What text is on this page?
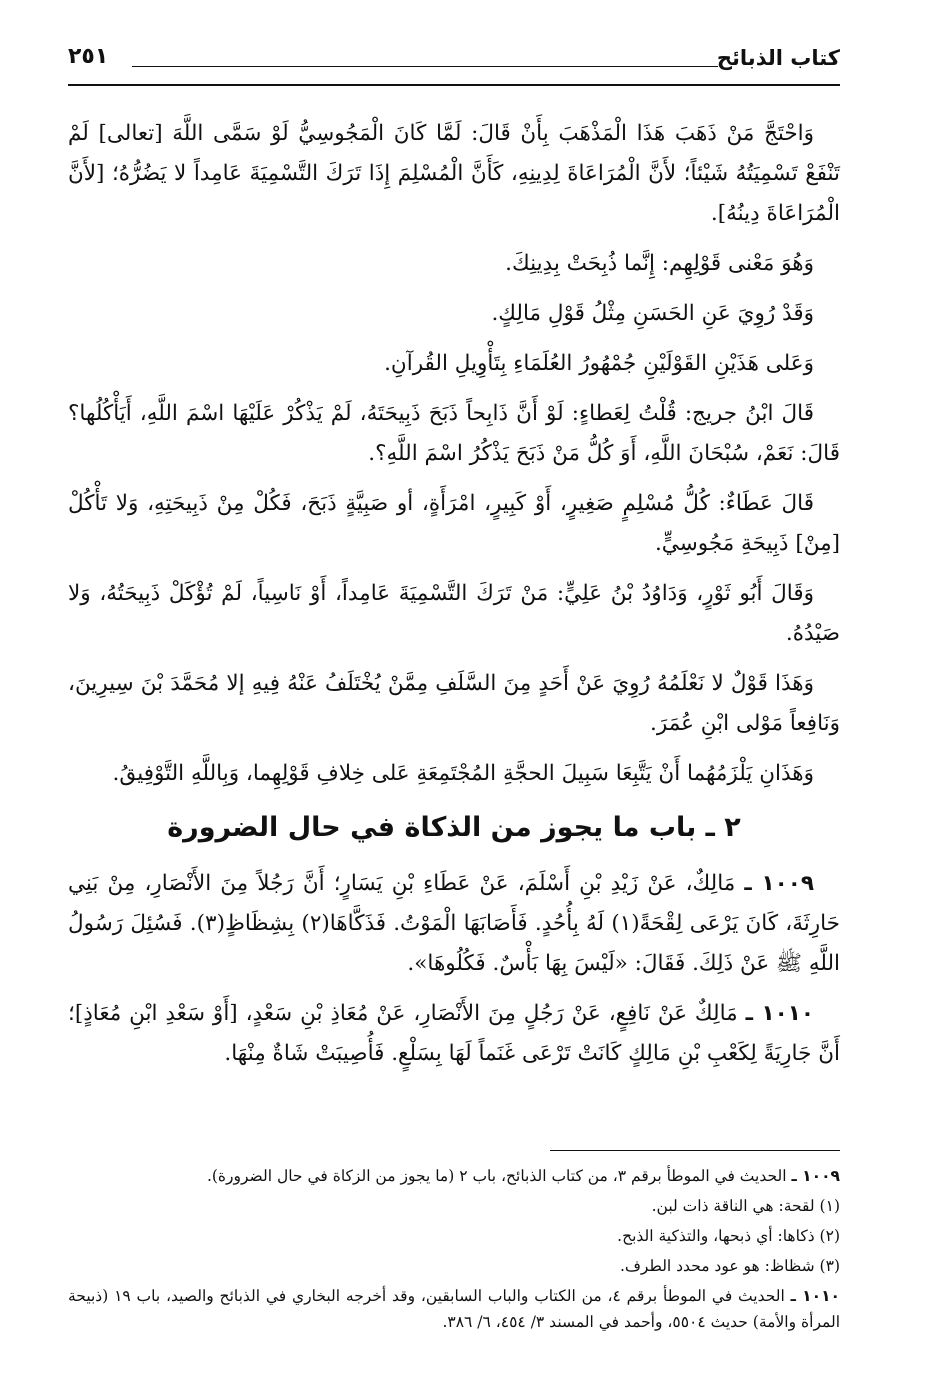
كتاب الذبائح
٢٥١

وَاحْتَجَّ مَنْ ذَهَبَ هَذَا الْمَذْهَبَ بِأَنْ قَالَ: لَمَّا كَانَ الْمَجُوسِيُّ لَوْ سَمَّى اللَّهَ [تعالى] لَمْ تَنْفَعْ تَسْمِيَتُهُ شَيْئاً؛ لأَنَّ الْمُرَاعَاةَ لِدِينِهِ، كَأَنَّ الْمُسْلِمَ إِذَا تَرَكَ التَّسْمِيَةَ عَامِداً لا يَضُرُّهُ؛ [لأَنَّ الْمُرَاعَاةَ دِينُهُ].

وَهُوَ مَعْنى قَوْلِهِم: إِنَّما ذُبِحَتْ بِدِينِكَ.

وَقَدْ رُوِيَ عَنِ الحَسَنِ مِثْلُ قَوْلِ مَالِكٍ.

وَعَلى هَذَيْنِ القَوْلَيْنِ جُمْهُورُ العُلَمَاءِ بِتَأْوِيلِ القُرآنِ.

قَالَ ابْنُ جريج: قُلْتُ لِعَطاءٍ: لَوْ أَنَّ ذَابِحاً ذَبَحَ ذَبِيحَتَهُ، لَمْ يَذْكُرْ عَلَيْهَا اسْمَ اللَّهِ، أَيَأْكُلُها؟ قَالَ: نَعَمْ، سُبْحَانَ اللَّهِ، أَوَ كُلُّ مَنْ ذَبَحَ يَذْكُرُ اسْمَ اللَّهِ؟.

قَالَ عَطَاءٌ: كُلُّ مُسْلِمٍ صَغِيرٍ، أَوْ كَبِيرٍ، امْرَأَةٍ، أو صَبِيَّةٍ ذَبَحَ، فَكُلْ مِنْ ذَبِيحَتِهِ، وَلا تَأْكُلْ [مِنْ] ذَبِيحَةِ مَجُوسِيٍّ.

وَقَالَ أَبُو ثَوْرٍ، وَدَاوُدُ بْنُ عَلِيٍّ: مَنْ تَرَكَ التَّسْمِيَةَ عَامِداً، أَوْ نَاسِياً، لَمْ تُؤْكَلْ ذَبِيحَتُهُ، وَلا صَيْدُهُ.

وَهَذَا قَوْلٌ لا نَعْلَمُهُ رُوِيَ عَنْ أَحَدٍ مِنَ السَّلَفِ مِمَّنْ يُخْتَلَفُ عَنْهُ فِيهِ إلا مُحَمَّدَ بْنَ سِيرِينَ، وَنَافِعاً مَوْلى ابْنِ عُمَرَ.

وَهَذَانِ يَلْزَمُهُما أَنْ يَتَّبِعَا سَبِيلَ الحجَّةِ المُجْتَمِعَةِ عَلى خِلافِ قَوْلِهِما، وَبِاللَّهِ التَّوْفِيقُ.

٢ ـ باب ما يجوز من الذكاة في حال الضرورة

١٠٠٩ ـ مَالِكٌ، عَنْ زَيْدِ بْنِ أَسْلَمَ، عَنْ عَطَاءِ بْنِ يَسَارٍ؛ أَنَّ رَجُلاً مِنَ الأَنْصَارِ، مِنْ بَنِي حَارِثَةَ، كَانَ يَرْعَى لِقْحَةً(١) لَهُ بِأُحُدٍ. فَأَصَابَهَا الْمَوْتُ. فَذَكَّاهَا(٢) بِشِظَاظٍ(٣). فَسُئِلَ رَسُولُ اللَّهِ ﷺ عَنْ ذَلِكَ. فَقَالَ: «لَيْسَ بِهَا بَأْسٌ. فَكُلُوهَا».

١٠١٠ ـ مَالِكٌ عَنْ نَافِعٍ، عَنْ رَجُلٍ مِنَ الأَنْصَارِ، عَنْ مُعَاذِ بْنِ سَعْدٍ، [أَوْ سَعْدِ ابْنِ مُعَاذٍ]؛ أَنَّ جَارِيَةً لِكَعْبِ بْنِ مَالِكٍ كَانَتْ تَرْعَى غَنَماً لَهَا بِسَلْعٍ. فَأُصِيبَتْ شَاةٌ مِنْهَا.

١٠٠٩ ـ الحديث في الموطأ برقم ٣، من كتاب الذبائح، باب ٢ (ما يجوز من الزكاة في حال الضرورة).

(١) لقحة: هي الناقة ذات لبن.

(٢) ذكاها: أي ذبحها، والتذكية الذبح.

(٣) شظاظ: هو عود محدد الطرف.

١٠١٠ ـ الحديث في الموطأ برقم ٤، من الكتاب والباب السابقين، وقد أخرجه البخاري في الذبائح والصيد، باب ١٩ (ذبيحة المرأة والأمة) حديث ٥٥٠٤، وأحمد في المسند ٣/ ٤٥٤، ٦/ ٣٨٦.
